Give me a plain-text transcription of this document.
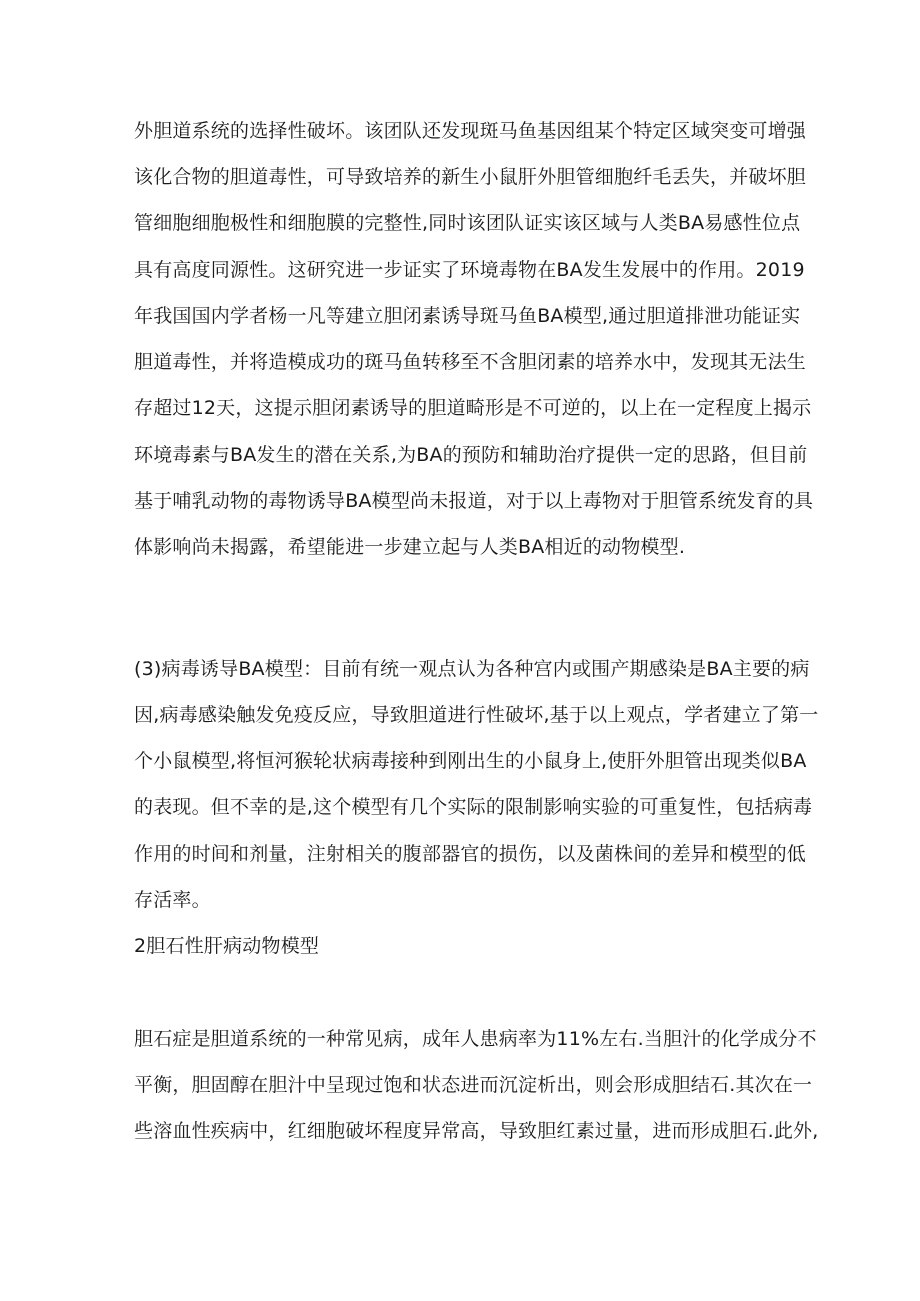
外胆道系统的选择性破坏。该团队还发现斑马鱼基因组某个特定区域突变可增强
该化合物的胆道毒性，可导致培养的新生小鼠肝外胆管细胞纤毛丢失，并破坏胆
管细胞细胞极性和细胞膜的完整性,同时该团队证实该区域与人类BA易感性位点
具有高度同源性。这研究进一步证实了环境毒物在BA发生发展中的作用。2019
年我国国内学者杨一凡等建立胆闭素诱导斑马鱼BA模型,通过胆道排泄功能证实
胆道毒性，并将造模成功的斑马鱼转移至不含胆闭素的培养水中，发现其无法生
存超过12天，这提示胆闭素诱导的胆道畸形是不可逆的，以上在一定程度上揭示
环境毒素与BA发生的潜在关系,为BA的预防和辅助治疗提供一定的思路，但目前
基于哺乳动物的毒物诱导BA模型尚未报道，对于以上毒物对于胆管系统发育的具
体影响尚未揭露，希望能进一步建立起与人类BA相近的动物模型.
(3)病毒诱导BA模型：目前有统一观点认为各种宫内或围产期感染是BA主要的病
因,病毒感染触发免疫反应，导致胆道进行性破坏,基于以上观点，学者建立了第一
个小鼠模型,将恒河猴轮状病毒接种到刚出生的小鼠身上,使肝外胆管出现类似BA
的表现。但不幸的是,这个模型有几个实际的限制影响实验的可重复性，包括病毒
作用的时间和剂量，注射相关的腹部器官的损伤，以及菌株间的差异和模型的低
存活率。
2胆石性肝病动物模型
胆石症是胆道系统的一种常见病，成年人患病率为11%左右.当胆汁的化学成分不
平衡，胆固醇在胆汁中呈现过饱和状态进而沉淀析出，则会形成胆结石.其次在一
些溶血性疾病中，红细胞破坏程度异常高，导致胆红素过量，进而形成胆石.此外,
